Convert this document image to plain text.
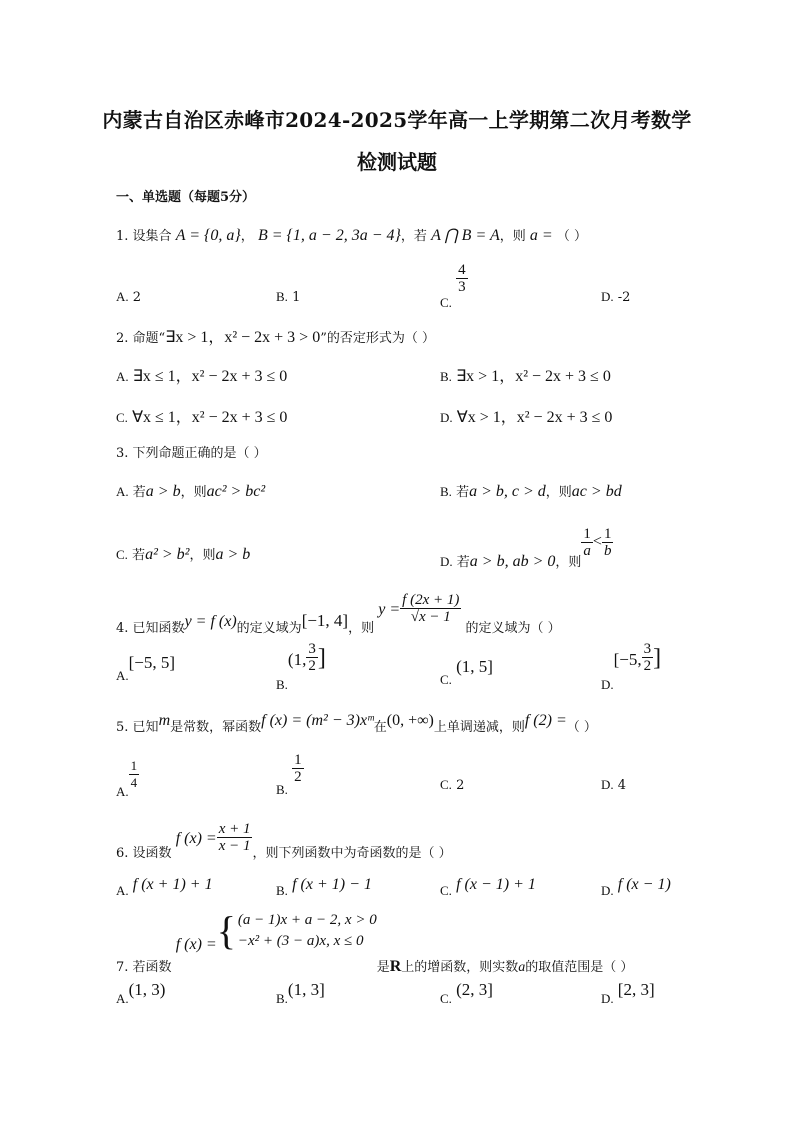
内蒙古自治区赤峰市2024-2025学年高一上学期第二次月考数学
检测试题
一、单选题（每题5分）
1. 设集合 A = {0, a}， B = {1, a − 2, 3a − 4}，若 A ⋂ B = A，则 a = （ ）
A. 2	B. 1	C.
$\frac{4}{3}$
D. -2
2. 命题“∃x > 1，x² − 2x + 3 > 0”的否定形式为（ ）
A. ∃x ≤ 1，x² − 2x + 3 ≤ 0	B. ∃x > 1，x² − 2x + 3 ≤ 0
C. ∀x ≤ 1，x² − 2x + 3 ≤ 0	D. ∀x > 1，x² − 2x + 3 ≤ 0
3. 下列命题正确的是（ ）
A. 若a > b，则ac² > bc²	B. 若a > b, c > d，则ac > bd
C. 若a² > b²，则a > b	D. 若a > b, ab > 0，则
$\frac{1}{a} < \frac{1}{b}$
4. 已知函数y = f (x)的定义域为[−1, 4]，则 $y = \frac{f (2x + 1)}{√x - 1}$
的定义域为（ ）
A.[−5, 5]
B.(1, $\frac{3}{2}$ ]
C. (1, 5]
D.[−5, $\frac{3}{2}$ ]
5. 已知m是常数，幂函数f (x) = (m² − 3)xᵐ在(0, +∞)上单调递减，则f (2) =（ ）
A.
$\frac{1}{4}$	B.
$\frac{1}{2}$	C. 2	D. 4
6. 设函数 f $(x) = \frac{x + 1}{x - 1}$ ，则下列函数中为奇函数的是（ ）
A. f (x + 1) + 1	B. f (x + 1) − 1	C. f (x − 1) + 1	D. f (x − 1)
7. 若函数 f (x) ={ (a − 1)x + a − 2, x > 0
−x² + (3 − a)x, x ≤ 0
是R上的增函数，则实数a的取值范围是（ ）
A.(1, 3)	B.(1, 3]	C. (2, 3]	D. [2, 3]
